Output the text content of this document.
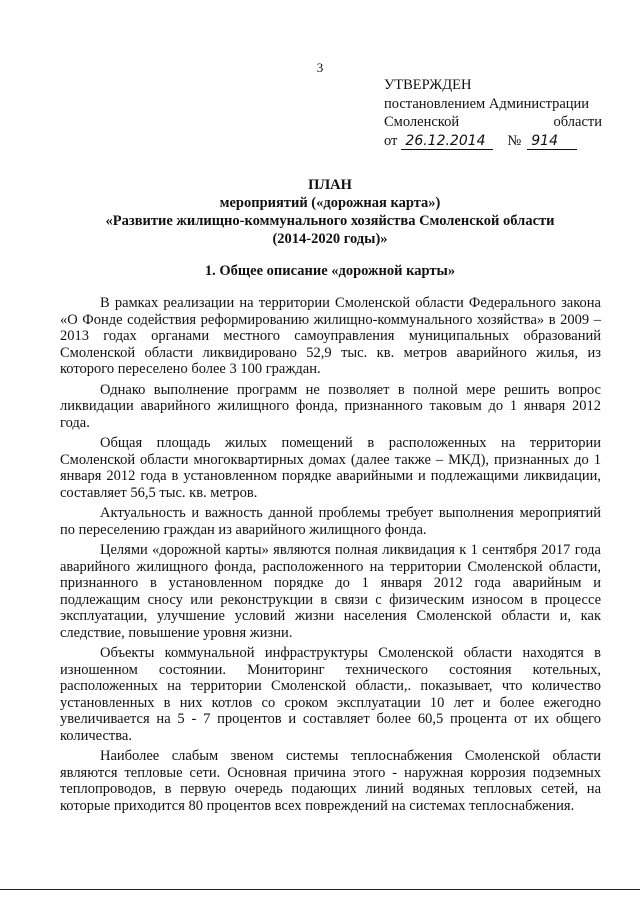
3
УТВЕРЖДЕН
постановлением Администрации
Смоленской	области
от 26.12.2014	№ 914
ПЛАН
мероприятий («дорожная карта»)
«Развитие жилищно-коммунального хозяйства Смоленской области
(2014-2020 годы)»
1. Общее описание «дорожной карты»

В рамках реализации на территории Смоленской области Федерального закона «О Фонде содействия реформированию жилищно-коммунального хозяйства» в 2009 – 2013 годах органами местного самоуправления муниципальных образований Смоленской области ликвидировано 52,9 тыс. кв. метров аварийного жилья, из которого переселено более 3 100 граждан.

Однако выполнение программ не позволяет в полной мере решить вопрос ликвидации аварийного жилищного фонда, признанного таковым до 1 января 2012 года.

Общая площадь жилых помещений в расположенных на территории Смоленской области многоквартирных домах (далее также – МКД), признанных до 1 января 2012 года в установленном порядке аварийными и подлежащими ликвидации, составляет 56,5 тыс. кв. метров.

Актуальность и важность данной проблемы требует выполнения мероприятий по переселению граждан из аварийного жилищного фонда.

Целями «дорожной карты» являются полная ликвидация к 1 сентября 2017 года аварийного жилищного фонда, расположенного на территории Смоленской области, признанного в установленном порядке до 1 января 2012 года аварийным и подлежащим сносу или реконструкции в связи с физическим износом в процессе эксплуатации, улучшение условий жизни населения Смоленской области и, как следствие, повышение уровня жизни.

Объекты коммунальной инфраструктуры Смоленской области находятся в изношенном состоянии. Мониторинг технического состояния котельных, расположенных на территории Смоленской области,. показывает, что количество установленных в них котлов со сроком эксплуатации 10 лет и более ежегодно увеличивается на 5 - 7 процентов и составляет более 60,5 процента от их общего количества.

Наиболее слабым звеном системы теплоснабжения Смоленской области являются тепловые сети. Основная причина этого - наружная коррозия подземных теплопроводов, в первую очередь подающих линий водяных тепловых сетей, на которые приходится 80 процентов всех повреждений на системах теплоснабжения.
